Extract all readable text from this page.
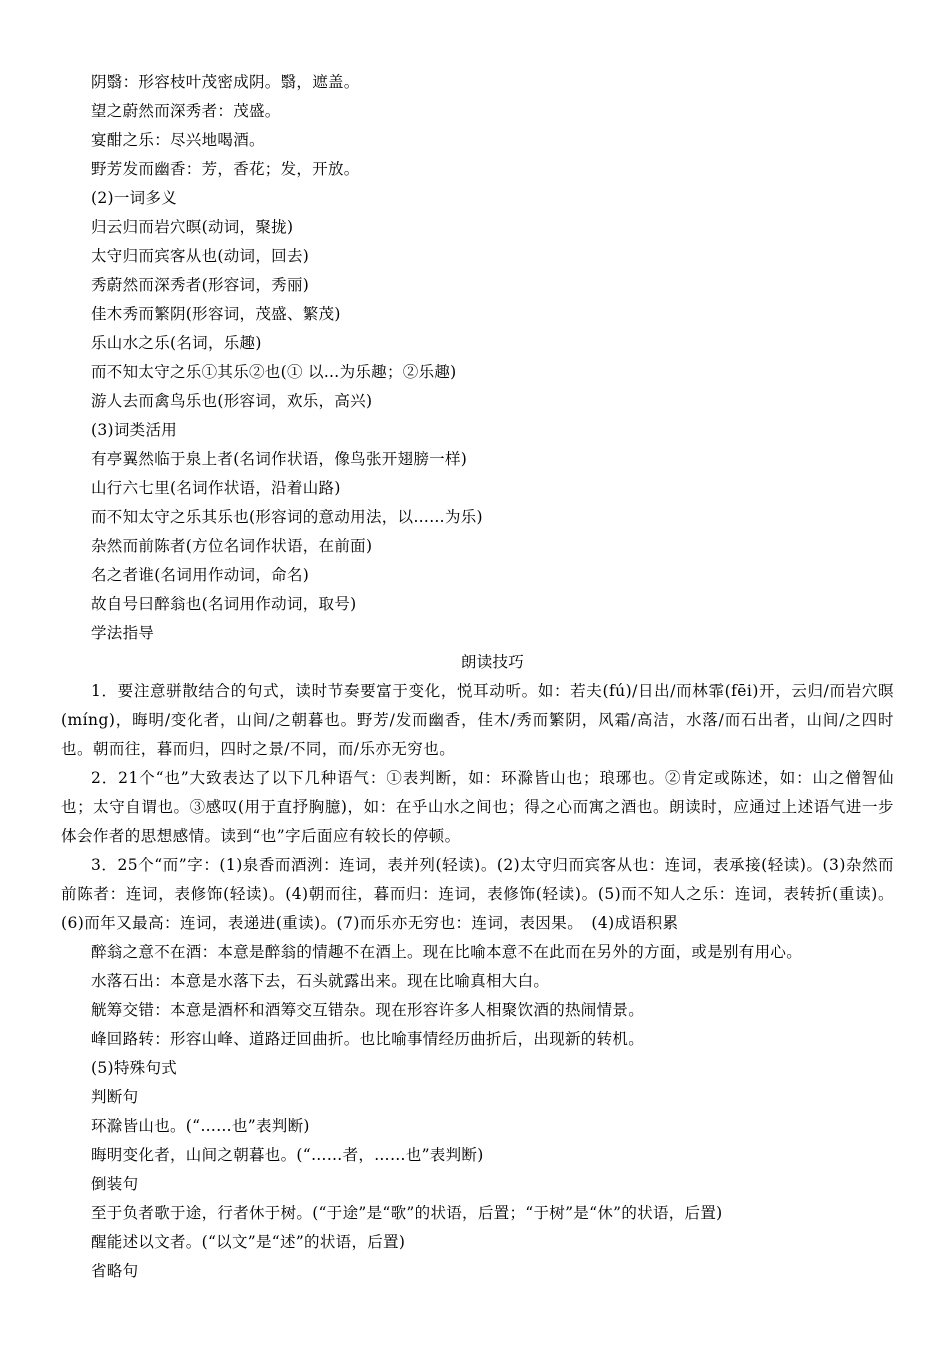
阴翳：形容枝叶茂密成阴。翳，遮盖。
望之蔚然而深秀者：茂盛。
宴酣之乐：尽兴地喝酒。
野芳发而幽香：芳，香花；发，开放。
(2)一词多义
归云归而岩穴暝(动词，聚拢)
太守归而宾客从也(动词，回去)
秀蔚然而深秀者(形容词，秀丽)
佳木秀而繁阴(形容词，茂盛、繁茂)
乐山水之乐(名词，乐趣)
而不知太守之乐①其乐②也(① 以…为乐趣；②乐趣)
游人去而禽鸟乐也(形容词，欢乐，高兴)
(3)词类活用
有亭翼然临于泉上者(名词作状语，像鸟张开翅膀一样)
山行六七里(名词作状语，沿着山路)
而不知太守之乐其乐也(形容词的意动用法，以……为乐)
杂然而前陈者(方位名词作状语，在前面)
名之者谁(名词用作动词，命名)
故自号曰醉翁也(名词用作动词，取号)
学法指导
朗读技巧
1．要注意骈散结合的句式，读时节奏要富于变化，悦耳动听。如：若夫(fú)/日出/而林霏(fēi)开，云归/而岩穴暝(míng)，晦明/变化者，山间/之朝暮也。野芳/发而幽香，佳木/秀而繁阴，风霜/高洁，水落/而石出者，山间/之四时也。朝而往，暮而归，四时之景/不同，而/乐亦无穷也。
2．21个“也”大致表达了以下几种语气：①表判断，如：环滁皆山也；琅琊也。②肯定或陈述，如：山之僧智仙也；太守自谓也。③感叹(用于直抒胸臆)，如：在乎山水之间也；得之心而寓之酒也。朗读时，应通过上述语气进一步体会作者的思想感情。读到“也”字后面应有较长的停顿。
3．25个“而”字：(1)泉香而酒洌：连词，表并列(轻读)。(2)太守归而宾客从也：连词，表承接(轻读)。(3)杂然而前陈者：连词，表修饰(轻读)。(4)朝而往，暮而归：连词，表修饰(轻读)。(5)而不知人之乐：连词，表转折(重读)。(6)而年又最高：连词，表递进(重读)。(7)而乐亦无穷也：连词，表因果。　(4)成语积累
醉翁之意不在酒：本意是醉翁的情趣不在酒上。现在比喻本意不在此而在另外的方面，或是别有用心。
水落石出：本意是水落下去，石头就露出来。现在比喻真相大白。
觥筹交错：本意是酒杯和酒筹交互错杂。现在形容许多人相聚饮酒的热闹情景。
峰回路转：形容山峰、道路迂回曲折。也比喻事情经历曲折后，出现新的转机。
(5)特殊句式
判断句
环滁皆山也。(“……也”表判断)
晦明变化者，山间之朝暮也。(“……者，……也”表判断)
倒装句
至于负者歌于途，行者休于树。(“于途”是“歌”的状语，后置；“于树”是“休”的状语，后置)
醒能述以文者。(“以文”是“述”的状语，后置)
省略句
